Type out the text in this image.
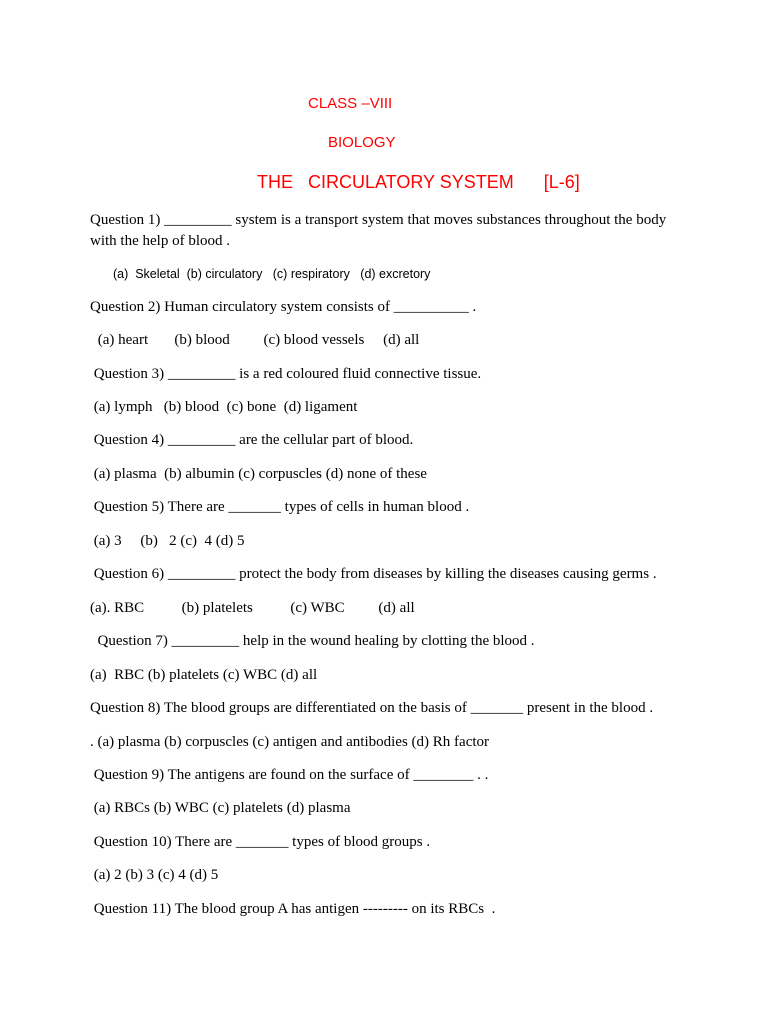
CLASS –VIII
BIOLOGY
THE   CIRCULATORY SYSTEM      [L-6]
Question 1) _________ system is a transport system that moves substances throughout the body
with the help of blood .
(a)  Skeletal  (b) circulatory   (c) respiratory   (d) excretory
Question 2) Human circulatory system consists of __________ .
(a) heart       (b) blood         (c) blood vessels     (d) all
Question 3) _________ is a red coloured fluid connective tissue.
(a) lymph   (b) blood  (c) bone  (d) ligament
Question 4) _________ are the cellular part of blood.
(a) plasma  (b) albumin (c) corpuscles (d) none of these
Question 5) There are _______ types of cells in human blood .
(a) 3     (b)   2 (c)  4 (d) 5
Question 6) _________ protect the body from diseases by killing the diseases causing germs .
(a). RBC          (b) platelets          (c) WBC         (d) all
Question 7) _________ help in the wound healing by clotting the blood .
(a)  RBC (b) platelets (c) WBC (d) all
Question 8) The blood groups are differentiated on the basis of _______ present in the blood .
. (a) plasma (b) corpuscles (c) antigen and antibodies (d) Rh factor
Question 9) The antigens are found on the surface of ________ . .
(a) RBCs (b) WBC (c) platelets (d) plasma
Question 10) There are _______ types of blood groups .
(a) 2 (b) 3 (c) 4 (d) 5
Question 11) The blood group A has antigen --------- on its RBCs  .
